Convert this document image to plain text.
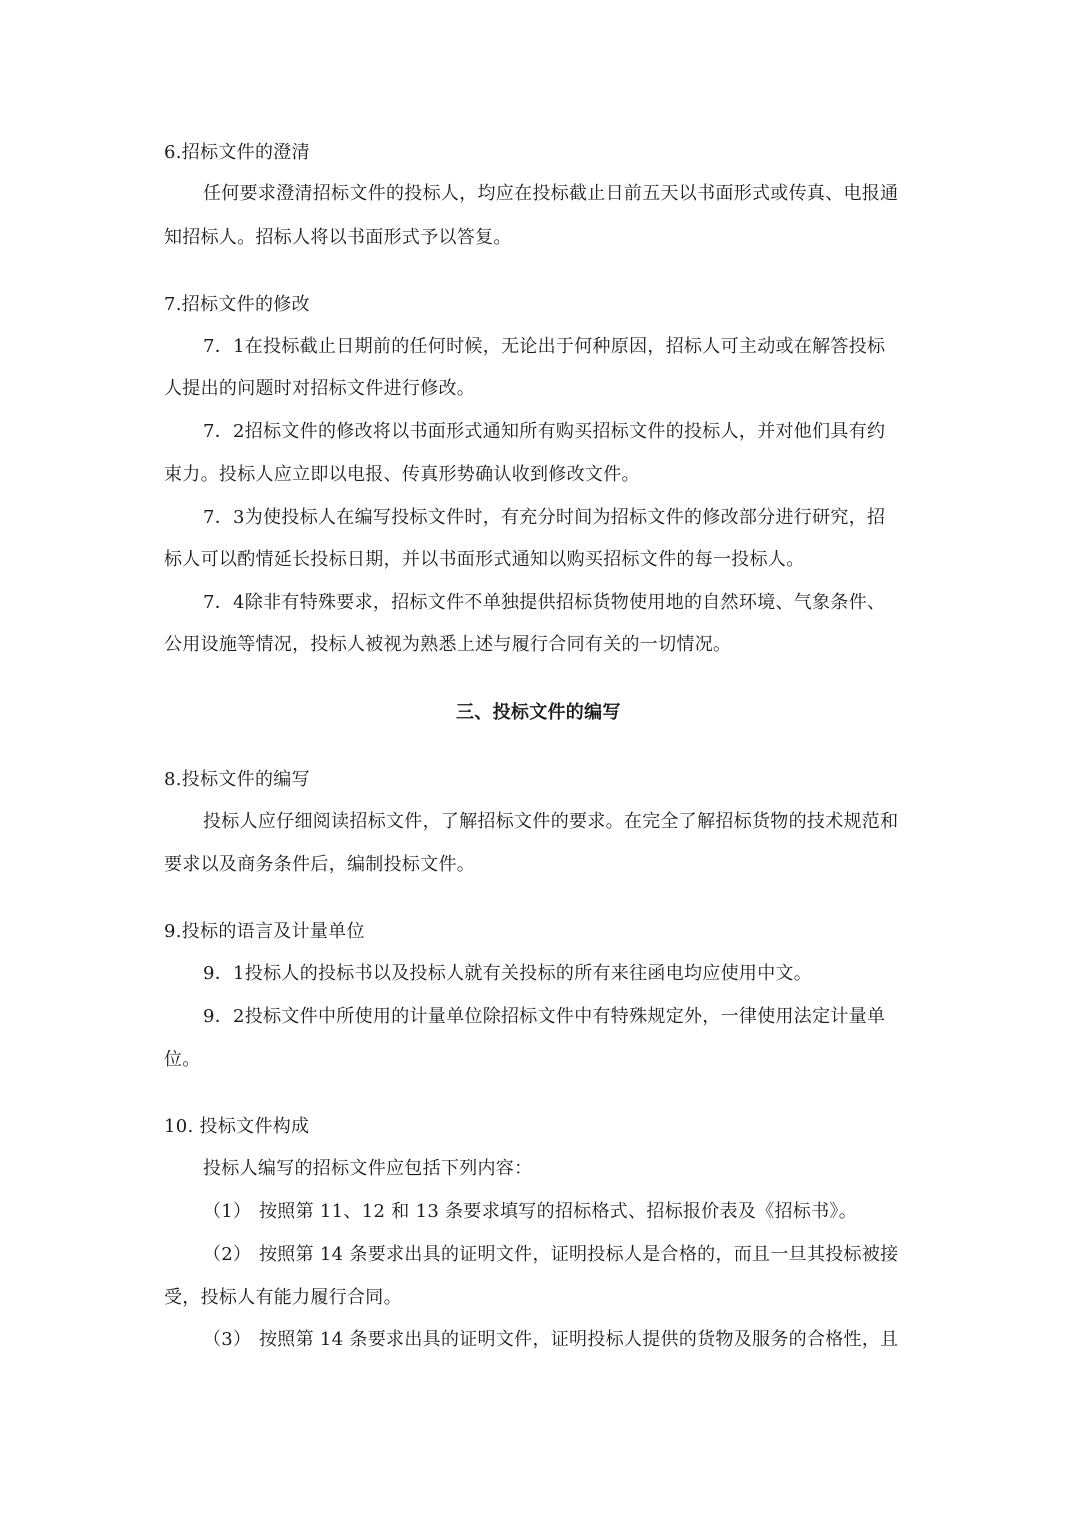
6.招标文件的澄清
任何要求澄清招标文件的投标人，均应在投标截止日前五天以书面形式或传真、电报通
知招标人。招标人将以书面形式予以答复。
7.招标文件的修改
7．1在投标截止日期前的任何时候，无论出于何种原因，招标人可主动或在解答投标
人提出的问题时对招标文件进行修改。
7．2招标文件的修改将以书面形式通知所有购买招标文件的投标人，并对他们具有约
束力。投标人应立即以电报、传真形势确认收到修改文件。
7．3为使投标人在编写投标文件时，有充分时间为招标文件的修改部分进行研究，招
标人可以酌情延长投标日期，并以书面形式通知以购买招标文件的每一投标人。
7．4除非有特殊要求，招标文件不单独提供招标货物使用地的自然环境、气象条件、
公用设施等情况，投标人被视为熟悉上述与履行合同有关的一切情况。
三、投标文件的编写
8.投标文件的编写
投标人应仔细阅读招标文件，了解招标文件的要求。在完全了解招标货物的技术规范和
要求以及商务条件后，编制投标文件。
9.投标的语言及计量单位
9．1投标人的投标书以及投标人就有关投标的所有来往函电均应使用中文。
9．2投标文件中所使用的计量单位除招标文件中有特殊规定外，一律使用法定计量单
位。
10. 投标文件构成
投标人编写的招标文件应包括下列内容：
（1） 按照第 11、12 和 13 条要求填写的招标格式、招标报价表及《招标书》。
（2） 按照第 14 条要求出具的证明文件，证明投标人是合格的，而且一旦其投标被接
受，投标人有能力履行合同。
（3） 按照第 14 条要求出具的证明文件，证明投标人提供的货物及服务的合格性，且
